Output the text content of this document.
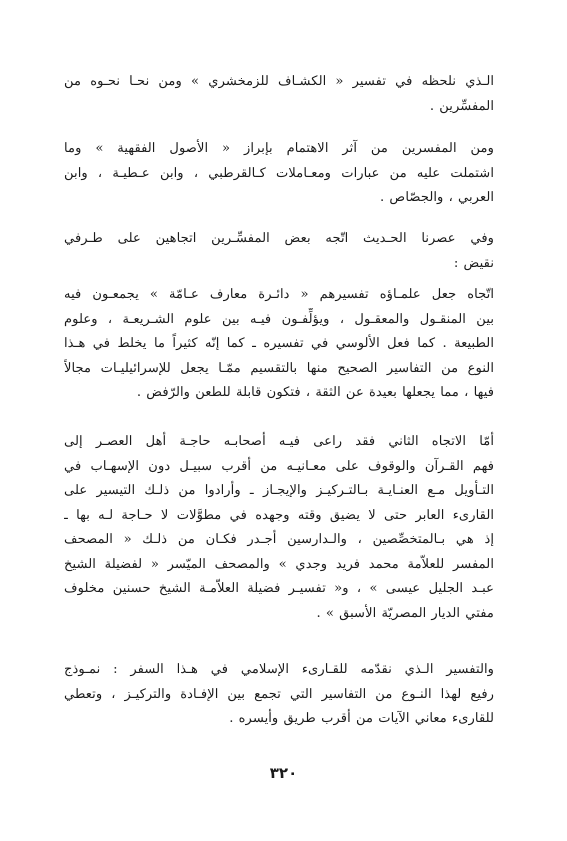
الـذي نلحظه في تفسير « الكشـاف للزمخشري » ومن نحـا نحـوه من
المفسِّرين .

ومن المفسرين من آثر الاهتمام بإبراز « الأصول الفقهية » وما
اشتملت عليه من عبارات ومعـاملات كـالقرطبي ، وابن عـطيـة ، وابن
العربي ، والجصّاص .

وفي عصرنا الحـديث اتّجه بعض المفسِّـرين اتجاهين على طـرفي
نقيض :

اتّجاه جعل علمـاؤه تفسيرهم « دائـرة معارف عـامّة » يجمعـون فيه
بين المنقـول والمعقـول ، ويؤلِّفـون فيـه بين علوم الشـريعـة ، وعلوم
الطبيعة . كما فعل الألوسي في تفسيره ـ كما إنّه كثيراً ما يخلط في هـذا
النوع من التفاسير الصحيح منها بالتقسيم ممّـا يجعل للإسرائيليـات مجالاً
فيها ، مما يجعلها بعيدة عن الثقة ، فتكون قابلة للطعن والرّفض .

أمّا الاتجاه الثاني فقد راعى فيـه أصحابـه حاجـة أهل العصـر إلى
فهم القـرآن والوقوف على معـانيـه من أقرب سبيـل دون الإسهـاب في
التـأويل مـع العنـايـة بـالتـركيـز والإيجـاز ـ وأرادوا من ذلـك التيسير على
القارىء العابر حتى لا يضيق وقته وجهده في مطوَّلات لا حـاجة لـه بها ـ
إذ هي بـالمتخصِّصين ، والـدارسين أجـدر فكـان من ذلـك « المصحف
المفسر للعلاّمة محمد فريد وجدي » والمصحف الميّسر « لفضيلة الشيخ
عبـد الجليل عيسى » ، و« تفسيـر فضيلة العلاّمـة الشيخ حسنين مخلوف
مفتي الديار المصريّة الأسبق » .

والتفسير الـذي نقدّمه للقـارىء الإسلامي في هـذا السفر : نمـوذج
رفيع لهذا النـوع من التفاسير التي تجمع بين الإفـادة والتركيـز ، وتعطي
للقارىء معاني الآيات من أقرب طريق وأيسره .

٣٢٠
